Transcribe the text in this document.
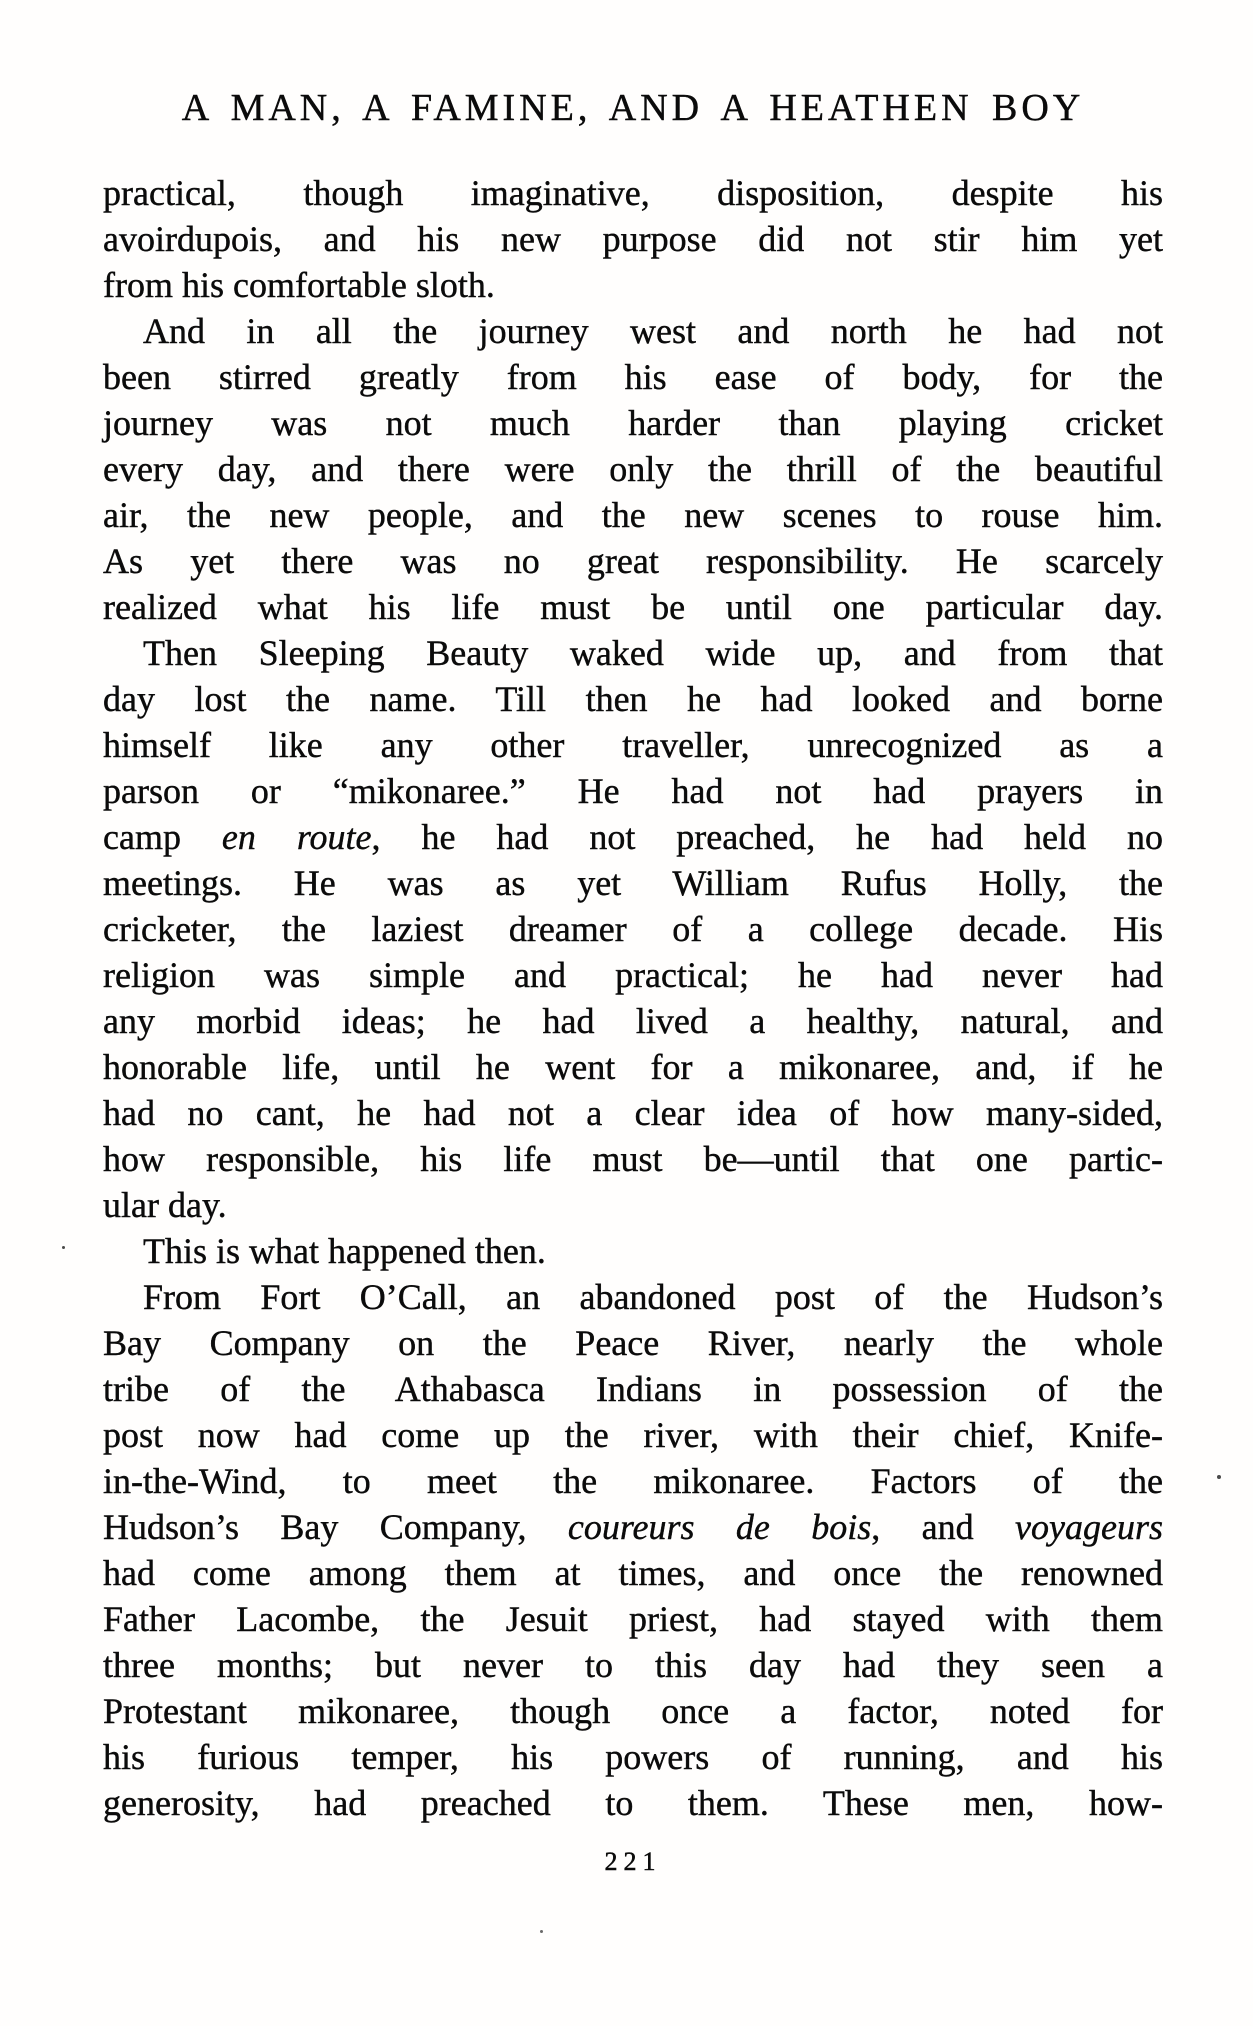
A MAN, A FAMINE, AND A HEATHEN BOY
practical, though imaginative, disposition, despite his
avoirdupois, and his new purpose did not stir him yet
from his comfortable sloth.
And in all the journey west and north he had not
been stirred greatly from his ease of body, for the
journey was not much harder than playing cricket
every day, and there were only the thrill of the beautiful
air, the new people, and the new scenes to rouse him.
As yet there was no great responsibility. He scarcely
realized what his life must be until one particular day.
Then Sleeping Beauty waked wide up, and from that
day lost the name. Till then he had looked and borne
himself like any other traveller, unrecognized as a
parson or “mikonaree.” He had not had prayers in
camp en route, he had not preached, he had held no
meetings. He was as yet William Rufus Holly, the
cricketer, the laziest dreamer of a college decade. His
religion was simple and practical; he had never had
any morbid ideas; he had lived a healthy, natural, and
honorable life, until he went for a mikonaree, and, if he
had no cant, he had not a clear idea of how many-sided,
how responsible, his life must be—until that one partic-
ular day.
This is what happened then.
From Fort O’Call, an abandoned post of the Hudson’s
Bay Company on the Peace River, nearly the whole
tribe of the Athabasca Indians in possession of the
post now had come up the river, with their chief, Knife-
in-the-Wind, to meet the mikonaree. Factors of the
Hudson’s Bay Company, coureurs de bois, and voyageurs
had come among them at times, and once the renowned
Father Lacombe, the Jesuit priest, had stayed with them
three months; but never to this day had they seen a
Protestant mikonaree, though once a factor, noted for
his furious temper, his powers of running, and his
generosity, had preached to them. These men, how-
221
